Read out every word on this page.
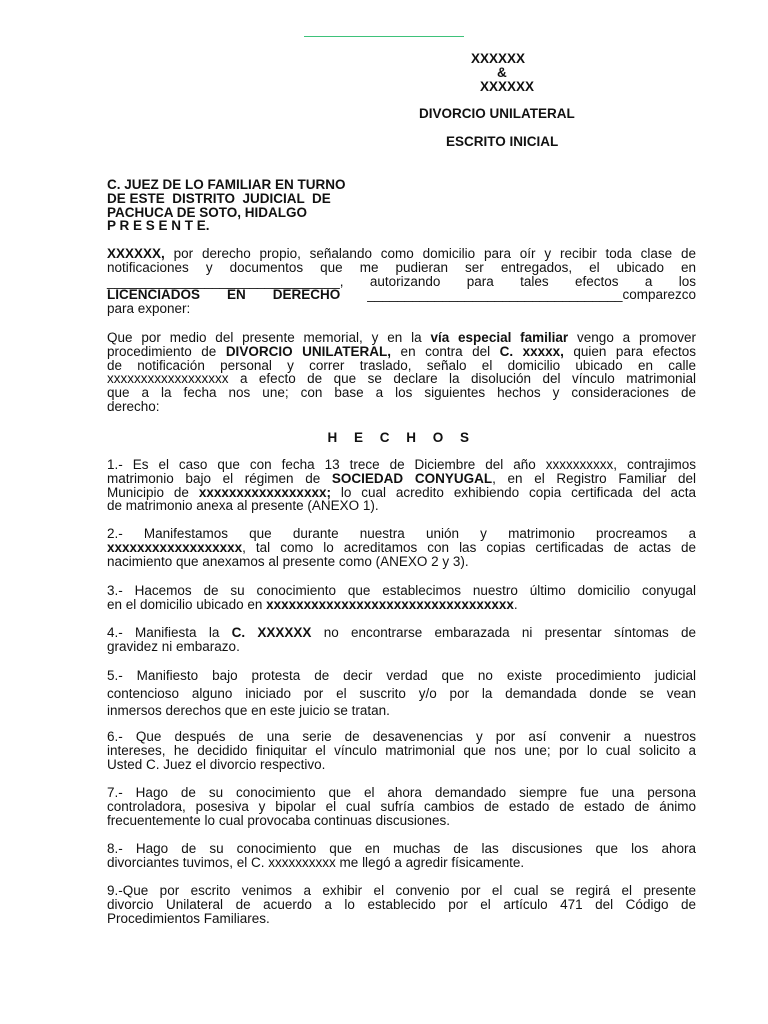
XXXXXX
&
XXXXXX
DIVORCIO UNILATERAL
ESCRITO INICIAL
C. JUEZ DE LO FAMILIAR EN TURNO
DE ESTE  DISTRITO  JUDICIAL  DE
PACHUCA DE SOTO, HIDALGO
P R E S E N T E.
XXXXXX, por derecho propio, señalando como domicilio para oír y recibir toda clase de
notificaciones y documentos que me pudieran ser entregados, el ubicado en
_______________________________, autorizando para tales efectos a los
LICENCIADOS EN DERECHO __________________________________comparezco
para exponer:
Que por medio del presente memorial, y en la vía especial familiar vengo a promover
procedimiento de DIVORCIO UNILATERAL, en contra del C. xxxxx, quien para efectos
de notificación personal y correr traslado, señalo el domicilio ubicado en calle
xxxxxxxxxxxxxxxxxx a efecto de que se declare la disolución del vínculo matrimonial
que a la fecha nos une; con base a los siguientes hechos y consideraciones de
derecho:
H E C H O S
1.- Es el caso que con fecha 13 trece de Diciembre del año xxxxxxxxxx, contrajimos
matrimonio bajo el régimen de SOCIEDAD CONYUGAL, en el Registro Familiar del
Municipio de xxxxxxxxxxxxxxxxx; lo cual acredito exhibiendo copia certificada del acta
de matrimonio anexa al presente (ANEXO 1).
2.- Manifestamos que durante nuestra unión y matrimonio procreamos a
xxxxxxxxxxxxxxxxxx, tal como lo acreditamos con las copias certificadas de actas de
nacimiento que anexamos al presente como (ANEXO 2 y 3).
3.- Hacemos de su conocimiento que establecimos nuestro último domicilio conyugal
en el domicilio ubicado en xxxxxxxxxxxxxxxxxxxxxxxxxxxxxxxxx.
4.- Manifiesta la C. XXXXXX no encontrarse embarazada ni presentar síntomas de
gravidez ni embarazo.
5.- Manifiesto bajo protesta de decir verdad que no existe procedimiento judicial
contencioso alguno iniciado por el suscrito y/o por la demandada donde se vean
inmersos derechos que en este juicio se tratan.
6.- Que después de una serie de desavenencias y por así convenir a nuestros
intereses, he decidido finiquitar el vínculo matrimonial que nos une; por lo cual solicito a
Usted C. Juez el divorcio respectivo.
7.- Hago de su conocimiento que el ahora demandado siempre fue una persona
controladora, posesiva y bipolar el cual sufría cambios de estado de estado de ánimo
frecuentemente lo cual provocaba continuas discusiones.
8.- Hago de su conocimiento que en muchas de las discusiones que los ahora
divorciantes tuvimos, el C. xxxxxxxxxx me llegó a agredir físicamente.
9.-Que por escrito venimos a exhibir el convenio por el cual se regirá el presente
divorcio Unilateral de acuerdo a lo establecido por el artículo 471 del Código de
Procedimientos Familiares.
